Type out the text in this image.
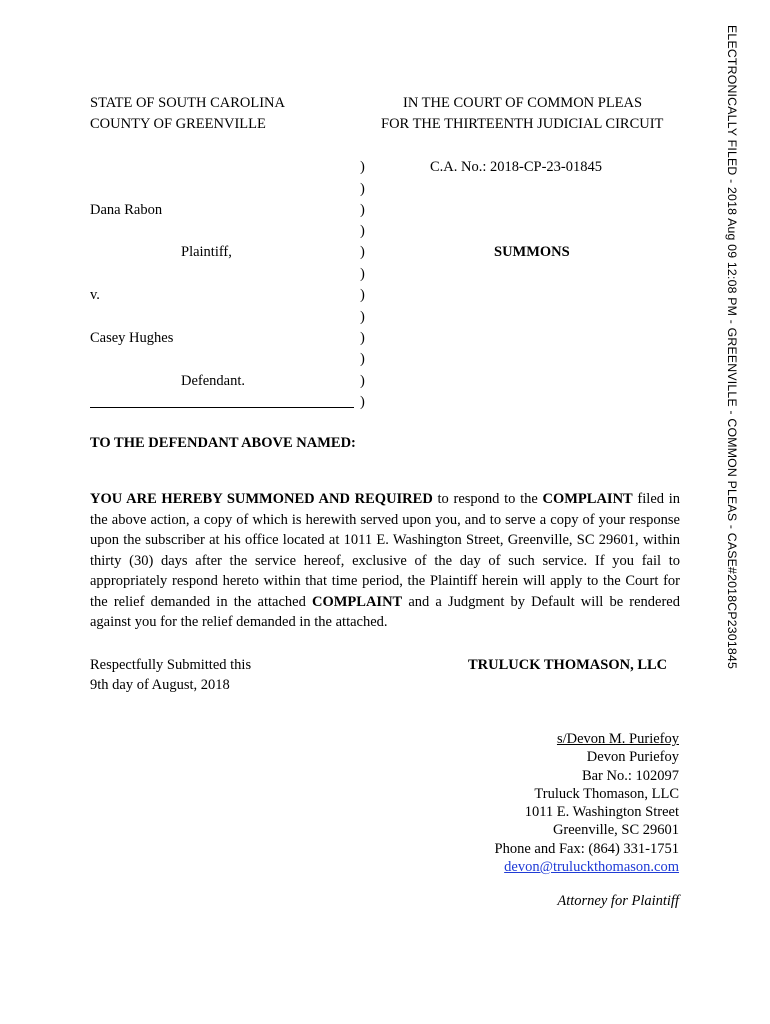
ELECTRONICALLY FILED - 2018 Aug 09 12:08 PM - GREENVILLE - COMMON PLEAS - CASE#2018CP2301845
STATE OF SOUTH CAROLINA
COUNTY OF GREENVILLE
IN THE COURT OF COMMON PLEAS
FOR THE THIRTEENTH JUDICIAL CIRCUIT
)
)
)
)
)
)
)
)
)
)
)
)
Dana Rabon
Plaintiff,
v.
Casey Hughes
Defendant.
C.A. No.: 2018-CP-23-01845
SUMMONS
TO THE DEFENDANT ABOVE NAMED:
YOU ARE HEREBY SUMMONED AND REQUIRED to respond to the COMPLAINT filed in the above action, a copy of which is herewith served upon you, and to serve a copy of your response upon the subscriber at his office located at 1011 E. Washington Street, Greenville, SC 29601, within thirty (30) days after the service hereof, exclusive of the day of such service. If you fail to appropriately respond hereto within that time period, the Plaintiff herein will apply to the Court for the relief demanded in the attached COMPLAINT and a Judgment by Default will be rendered against you for the relief demanded in the attached.
Respectfully Submitted this
9th day of August, 2018
TRULUCK THOMASON, LLC
s/Devon M. Puriefoy
Devon Puriefoy
Bar No.: 102097
Truluck Thomason, LLC
1011 E. Washington Street
Greenville, SC 29601
Phone and Fax: (864) 331-1751
devon@truluckthomason.com
Attorney for Plaintiff
